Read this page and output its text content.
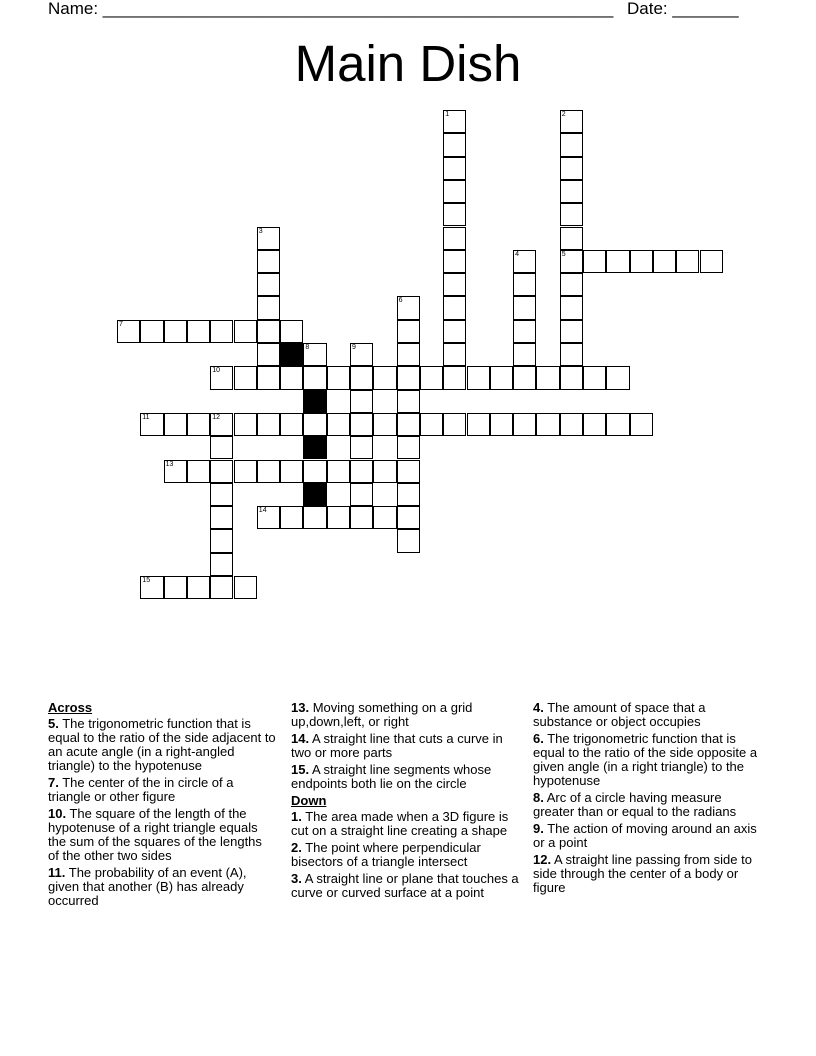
Name: ______________________________________________________ Date: _______
Main Dish
1	2
5
3
4
6
7
8	9
10
11	12
13
14
15
Across
5. The trigonometric function that is equal to the ratio of the side adjacent to an acute angle (in a right-angled triangle) to the hypotenuse
7. The center of the in circle of a triangle or other figure
10. The square of the length of the hypotenuse of a right triangle equals the sum of the squares of the lengths of the other two sides
11. The probability of an event (A), given that another (B) has already occurred
13. Moving something on a grid up,down,left, or right
14. A straight line that cuts a curve in two or more parts
15. A straight line segments whose endpoints both lie on the circle
Down
1. The area made when a 3D figure is cut on a straight line creating a shape
2. The point where perpendicular bisectors of a triangle intersect
3. A straight line or plane that touches a curve or curved surface at a point
4. The amount of space that a substance or object occupies
6. The trigonometric function that is equal to the ratio of the side opposite a given angle (in a right triangle) to the hypotenuse
8. Arc of a circle having measure greater than or equal to the radians
9. The action of moving around an axis or a point
12. A straight line passing from side to side through the center of a body or figure
